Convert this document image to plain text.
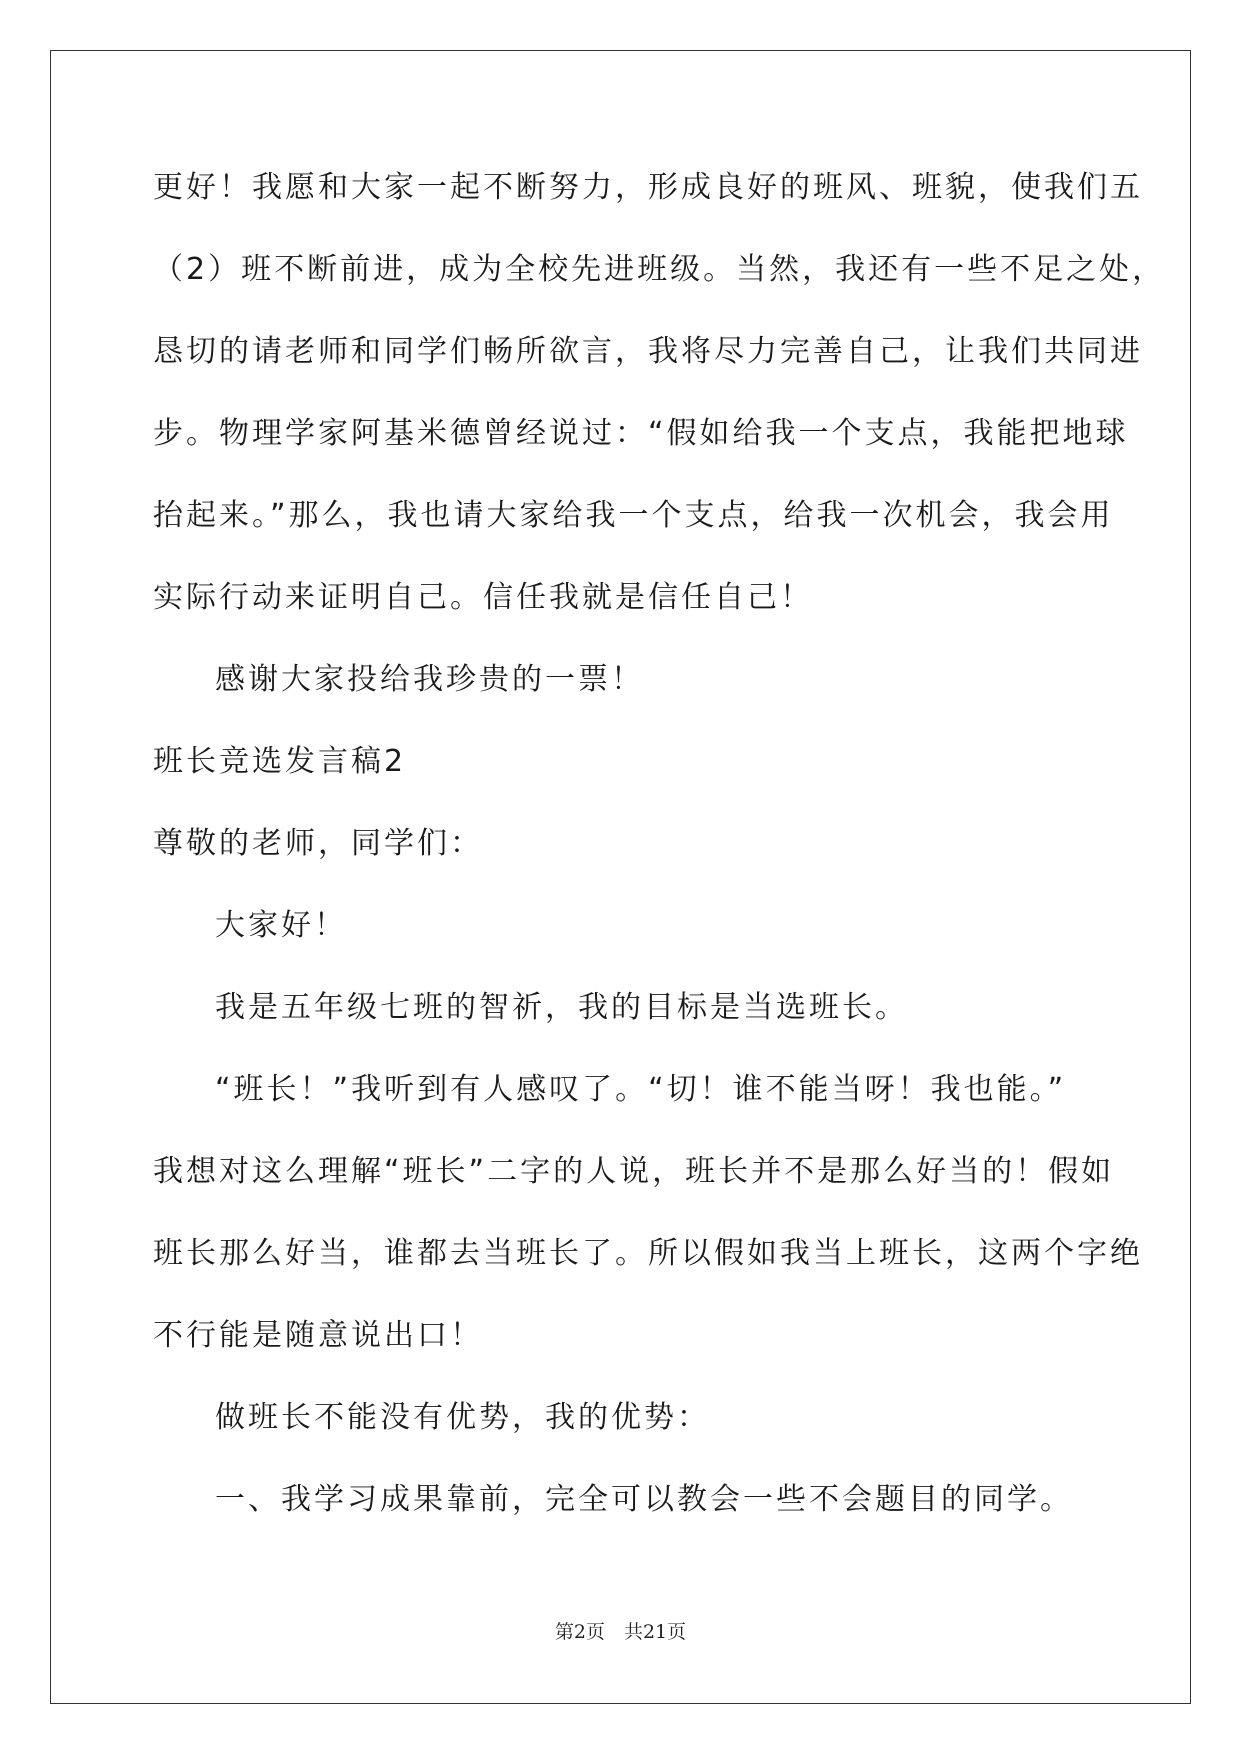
更好！我愿和大家一起不断努力，形成良好的班风、班貌，使我们五
（2）班不断前进，成为全校先进班级。当然，我还有一些不足之处，
恳切的请老师和同学们畅所欲言，我将尽力完善自己，让我们共同进
步。物理学家阿基米德曾经说过：“假如给我一个支点，我能把地球
抬起来。”那么，我也请大家给我一个支点，给我一次机会，我会用
实际行动来证明自己。信任我就是信任自己！
感谢大家投给我珍贵的一票！
班长竞选发言稿2
尊敬的老师，同学们：
大家好！
我是五年级七班的智祈，我的目标是当选班长。
“班长！”我听到有人感叹了。“切！谁不能当呀！我也能。”
我想对这么理解“班长”二字的人说，班长并不是那么好当的！假如
班长那么好当，谁都去当班长了。所以假如我当上班长，这两个字绝
不行能是随意说出口！
做班长不能没有优势，我的优势：
一、我学习成果靠前，完全可以教会一些不会题目的同学。
第2页　共21页
